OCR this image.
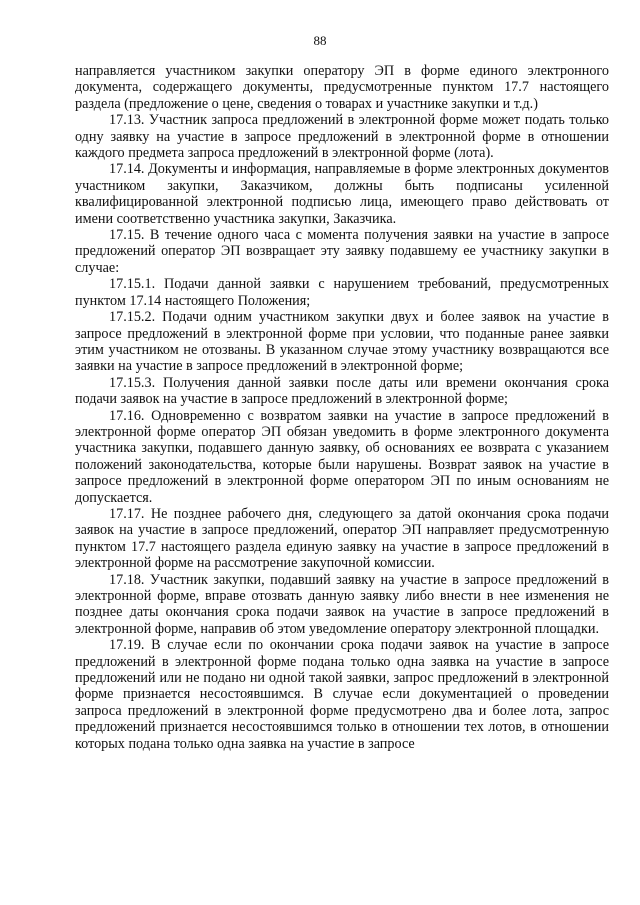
88

направляется участником закупки оператору ЭП в форме единого электронного документа, содержащего документы, предусмотренные пунктом 17.7 настоящего раздела (предложение о цене, сведения о товарах и участнике закупки и т.д.)

17.13. Участник запроса предложений в электронной форме может подать только одну заявку на участие в запросе предложений в электронной форме в отношении каждого предмета запроса предложений в электронной форме (лота).

17.14. Документы и информация, направляемые в форме электронных документов участником закупки, Заказчиком, должны быть подписаны усиленной квалифицированной электронной подписью лица, имеющего право действовать от имени соответственно участника закупки, Заказчика.

17.15. В течение одного часа с момента получения заявки на участие в запросе предложений оператор ЭП возвращает эту заявку подавшему ее участнику закупки в случае:

17.15.1. Подачи данной заявки с нарушением требований, предусмотренных пунктом 17.14 настоящего Положения;

17.15.2. Подачи одним участником закупки двух и более заявок на участие в запросе предложений в электронной форме при условии, что поданные ранее заявки этим участником не отозваны. В указанном случае этому участнику возвращаются все заявки на участие в запросе предложений в электронной форме;

17.15.3. Получения данной заявки после даты или времени окончания срока подачи заявок на участие в запросе предложений в электронной форме;

17.16. Одновременно с возвратом заявки на участие в запросе предложений в электронной форме оператор ЭП обязан уведомить в форме электронного документа участника закупки, подавшего данную заявку, об основаниях ее возврата с указанием положений законодательства, которые были нарушены. Возврат заявок на участие в запросе предложений в электронной форме оператором ЭП по иным основаниям не допускается.

17.17. Не позднее рабочего дня, следующего за датой окончания срока подачи заявок на участие в запросе предложений, оператор ЭП направляет предусмотренную пунктом 17.7 настоящего раздела единую заявку на участие в запросе предложений в электронной форме на рассмотрение закупочной комиссии.

17.18. Участник закупки, подавший заявку на участие в запросе предложений в электронной форме, вправе отозвать данную заявку либо внести в нее изменения не позднее даты окончания срока подачи заявок на участие в запросе предложений в электронной форме, направив об этом уведомление оператору электронной площадки.

17.19. В случае если по окончании срока подачи заявок на участие в запросе предложений в электронной форме подана только одна заявка на участие в запросе предложений или не подано ни одной такой заявки, запрос предложений в электронной форме признается несостоявшимся. В случае если документацией о проведении запроса предложений в электронной форме предусмотрено два и более лота, запрос предложений признается несостоявшимся только в отношении тех лотов, в отношении которых подана только одна заявка на участие в запросе
